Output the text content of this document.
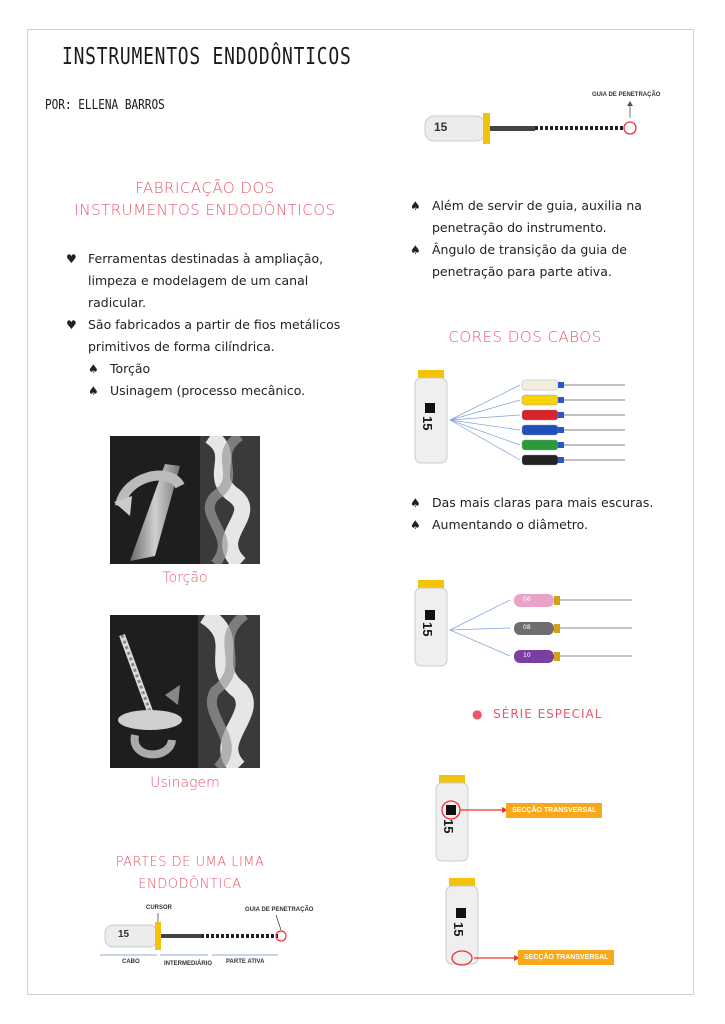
INSTRUMENTOS ENDODÔNTICOS
POR: ELLENA BARROS
FABRICAÇÃO DOS
INSTRUMENTOS ENDODÔNTICOS
♥ Ferramentas destinadas à ampliação,
limpeza e modelagem de um canal
radicular.
♥ São fabricados a partir de fios metálicos
primitivos de forma cilíndrica.
♠ Torção
♠ Usinagem (processo mecânico.
Torção
Usinagem
PARTES DE UMA LIMA ENDODÔNTICA
15
CURSOR	GUIA DE PENETRAÇÃO
CABO	INTERMEDIÁRIO PARTE ATIVA
15
GUIA DE PENETRAÇÃO
♠ Além de servir de guia, auxilia na
penetração do instrumento.
♠ Ângulo de transição da guia de
penetração para parte ativa.
CORES DOS CABOS
15
♠ Das mais claras para mais escuras.
♠ Aumentando o diâmetro.
15
06
08
10
● SÉRIE ESPECIAL
15
SECÇÃO TRANSVERSAL
15
SECÇÃO TRANSVERSAL
